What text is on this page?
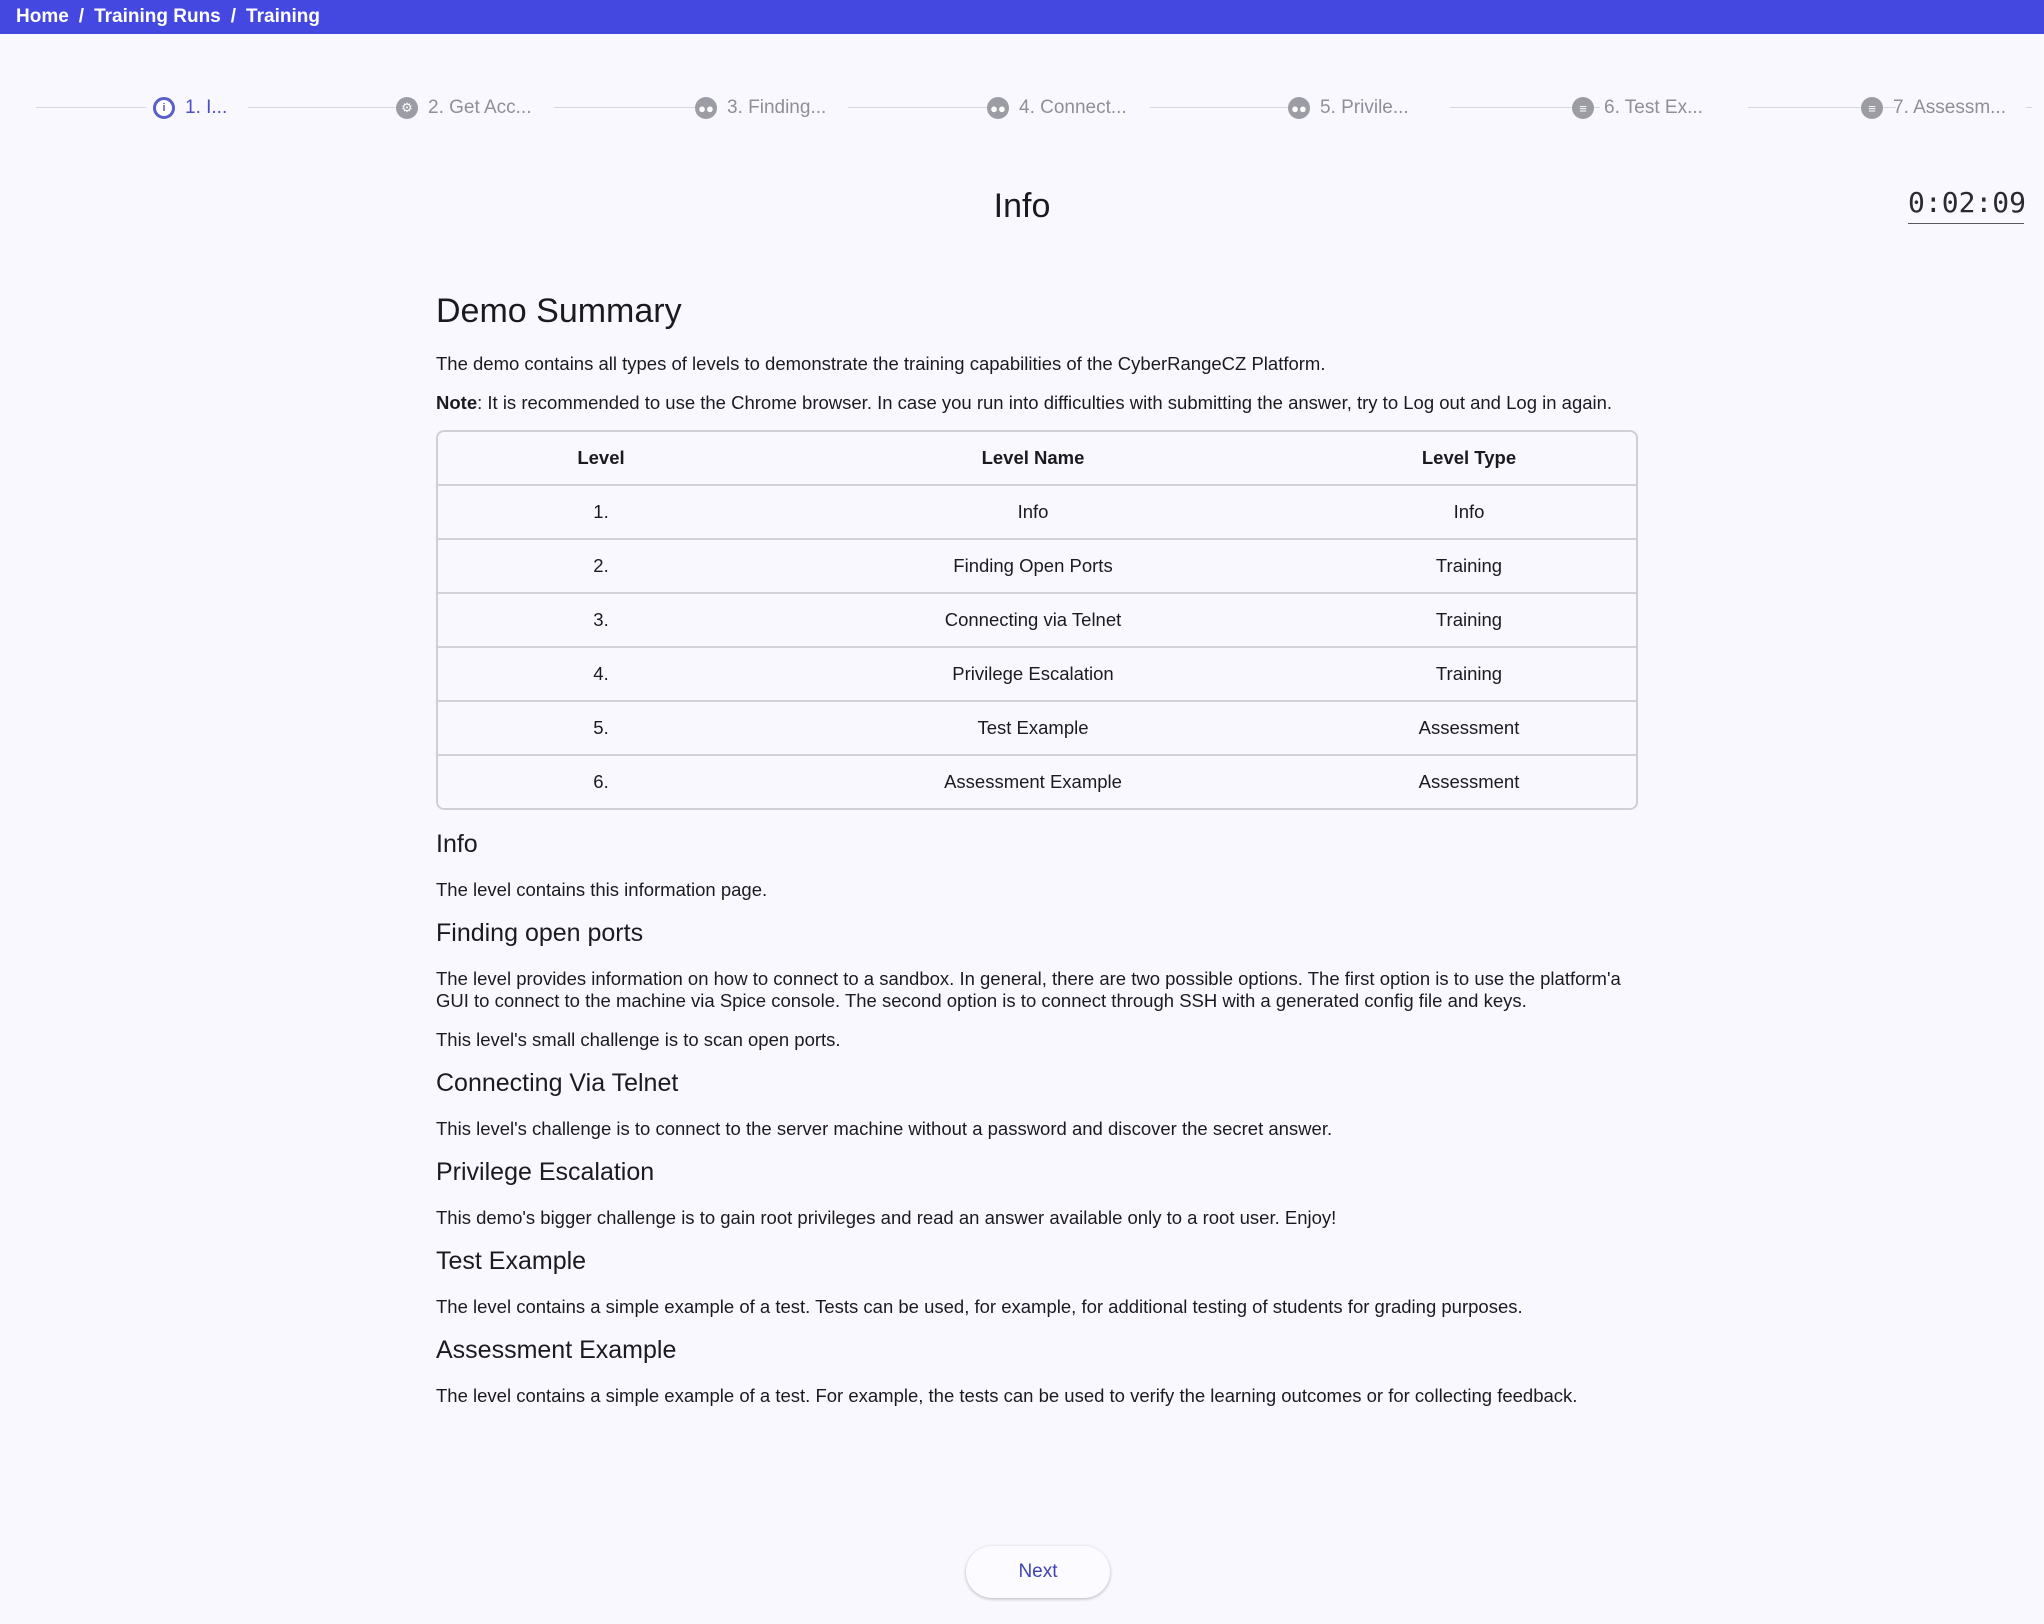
Home / Training Runs / Training
i	1. I...	⚙ 2. Get Acc...	●● 3. Finding...	●● 4. Connect...	●● 5. Privile...	≡ 6. Test Ex...	≡ 7. Assessm...
Info	0:02:09
Demo Summary

The demo contains all types of levels to demonstrate the training capabilities of the CyberRangeCZ Platform.

Note: It is recommended to use the Chrome browser. In case you run into difficulties with submitting the answer, try to Log out and Log in again.

Level	Level Name	Level Type
1.	Info	Info
2.	Finding Open Ports	Training
3.	Connecting via Telnet	Training
4.	Privilege Escalation	Training
5.	Test Example	Assessment
6.	Assessment Example	Assessment
Info

The level contains this information page.

Finding open ports

The level provides information on how to connect to a sandbox. In general, there are two possible options. The first option is to use the platform'a GUI to connect to the machine via Spice console. The second option is to connect through SSH with a generated config file and keys.

This level's small challenge is to scan open ports.

Connecting Via Telnet

This level's challenge is to connect to the server machine without a password and discover the secret answer.

Privilege Escalation

This demo's bigger challenge is to gain root privileges and read an answer available only to a root user. Enjoy!

Test Example

The level contains a simple example of a test. Tests can be used, for example, for additional testing of students for grading purposes.

Assessment Example

The level contains a simple example of a test. For example, the tests can be used to verify the learning outcomes or for collecting feedback.

Next
